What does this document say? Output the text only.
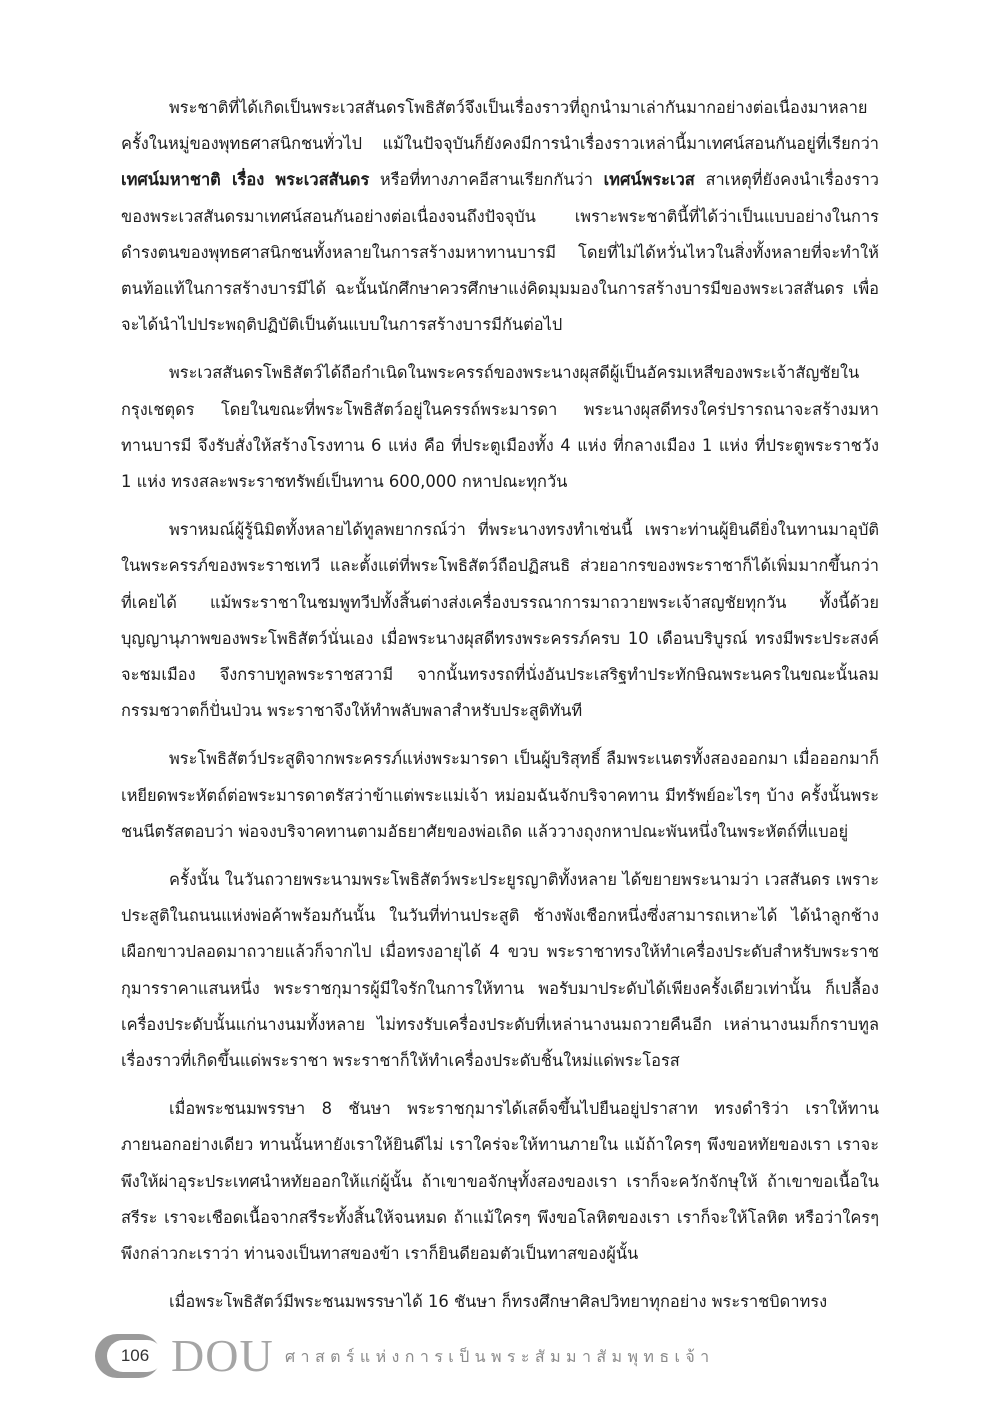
พระชาติที่ได้เกิดเป็นพระเวสสันดรโพธิสัตว์จึงเป็นเรื่องราวที่ถูกนำมาเล่ากันมากอย่างต่อเนื่องมาหลายครั้งในหมู่ของพุทธศาสนิกชนทั่วไป แม้ในปัจจุบันก็ยังคงมีการนำเรื่องราวเหล่านี้มาเทศน์สอนกันอยู่ที่เรียกว่า เทศน์มหาชาติ เรื่อง พระเวสสันดร หรือที่ทางภาคอีสานเรียกกันว่า เทศน์พระเวส สาเหตุที่ยังคงนำเรื่องราวของพระเวสสันดรมาเทศน์สอนกันอย่างต่อเนื่องจนถึงปัจจุบัน เพราะพระชาตินี้ที่ได้ว่าเป็นแบบอย่างในการดำรงตนของพุทธศาสนิกชนทั้งหลายในการสร้างมหาทานบารมี โดยที่ไม่ได้หวั่นไหวในสิ่งทั้งหลายที่จะทำให้ตนท้อแท้ในการสร้างบารมีได้ ฉะนั้นนักศึกษาควรศึกษาแง่คิดมุมมองในการสร้างบารมีของพระเวสสันดร เพื่อจะได้นำไปประพฤติปฏิบัติเป็นต้นแบบในการสร้างบารมีกันต่อไป

พระเวสสันดรโพธิสัตว์ได้ถือกำเนิดในพระครรถ์ของพระนางผุสดีผู้เป็นอัครมเหสีของพระเจ้าสัญชัยในกรุงเชตุดร โดยในขณะที่พระโพธิสัตว์อยู่ในครรถ์พระมารดา พระนางผุสดีทรงใคร่ปรารถนาจะสร้างมหาทานบารมี จึงรับสั่งให้สร้างโรงทาน 6 แห่ง คือ ที่ประตูเมืองทั้ง 4 แห่ง ที่กลางเมือง 1 แห่ง ที่ประตูพระราชวัง 1 แห่ง ทรงสละพระราชทรัพย์เป็นทาน 600,000 กหาปณะทุกวัน

พราหมณ์ผู้รู้นิมิตทั้งหลายได้ทูลพยากรณ์ว่า ที่พระนางทรงทำเช่นนี้ เพราะท่านผู้ยินดียิ่งในทานมาอุบัติในพระครรภ์ของพระราชเทวี และตั้งแต่ที่พระโพธิสัตว์ถือปฏิสนธิ ส่วยอากรของพระราชาก็ได้เพิ่มมากขึ้นกว่าที่เคยได้ แม้พระราชาในชมพูทวีปทั้งสิ้นต่างส่งเครื่องบรรณาการมาถวายพระเจ้าสญชัยทุกวัน ทั้งนี้ด้วยบุญญานุภาพของพระโพธิสัตว์นั่นเอง เมื่อพระนางผุสดีทรงพระครรภ์ครบ 10 เดือนบริบูรณ์ ทรงมีพระประสงค์จะชมเมือง จึงกราบทูลพระราชสวามี จากนั้นทรงรถที่นั่งอันประเสริฐทำประทักษิณพระนครในขณะนั้นลมกรรมชวาตก็ปั่นป่วน พระราชาจึงให้ทำพลับพลาสำหรับประสูติทันที

พระโพธิสัตว์ประสูติจากพระครรภ์แห่งพระมารดา เป็นผู้บริสุทธิ์ ลืมพระเนตรทั้งสองออกมา เมื่อออกมาก็เหยียดพระหัตถ์ต่อพระมารดาตรัสว่าข้าแต่พระแม่เจ้า หม่อมฉันจักบริจาคทาน มีทรัพย์อะไรๆ บ้าง ครั้งนั้นพระชนนีตรัสตอบว่า พ่อจงบริจาคทานตามอัธยาศัยของพ่อเถิด แล้ววางถุงกหาปณะพันหนึ่งในพระหัตถ์ที่แบอยู่

ครั้งนั้น ในวันถวายพระนามพระโพธิสัตว์พระประยูรญาติทั้งหลาย ได้ขยายพระนามว่า เวสสันดร เพราะประสูติในถนนแห่งพ่อค้าพร้อมกันนั้น ในวันที่ท่านประสูติ ช้างพังเชือกหนึ่งซึ่งสามารถเหาะได้ ได้นำลูกช้างเผือกขาวปลอดมาถวายแล้วก็จากไป เมื่อทรงอายุได้ 4 ขวบ พระราชาทรงให้ทำเครื่องประดับสำหรับพระราชกุมารราคาแสนหนึ่ง พระราชกุมารผู้มีใจรักในการให้ทาน พอรับมาประดับได้เพียงครั้งเดียวเท่านั้น ก็เปลื้องเครื่องประดับนั้นแก่นางนมทั้งหลาย ไม่ทรงรับเครื่องประดับที่เหล่านางนมถวายคืนอีก เหล่านางนมก็กราบทูลเรื่องราวที่เกิดขึ้นแด่พระราชา พระราชาก็ให้ทำเครื่องประดับชิ้นใหม่แด่พระโอรส

เมื่อพระชนมพรรษา 8 ชันษา พระราชกุมารได้เสด็จขึ้นไปยืนอยู่ปราสาท ทรงดำริว่า เราให้ทานภายนอกอย่างเดียว ทานนั้นหายังเราให้ยินดีไม่ เราใคร่จะให้ทานภายใน แม้ถ้าใครๆ พึงขอหทัยของเรา เราจะพึงให้ผ่าอุระประเทศนำหทัยออกให้แก่ผู้นั้น ถ้าเขาขอจักษุทั้งสองของเรา เราก็จะควักจักษุให้ ถ้าเขาขอเนื้อในสรีระ เราจะเชือดเนื้อจากสรีระทั้งสิ้นให้จนหมด ถ้าแม้ใครๆ พึงขอโลหิตของเรา เราก็จะให้โลหิต หรือว่าใครๆ พึงกล่าวกะเราว่า ท่านจงเป็นทาสของข้า เราก็ยินดียอมตัวเป็นทาสของผู้นั้น

เมื่อพระโพธิสัตว์มีพระชนมพรรษาได้ 16 ชันษา ก็ทรงศึกษาศิลปวิทยาทุกอย่าง พระราชบิดาทรง

106 DOU ศาสตร์แห่งการเป็นพระสัมมาสัมพุทธเจ้า
